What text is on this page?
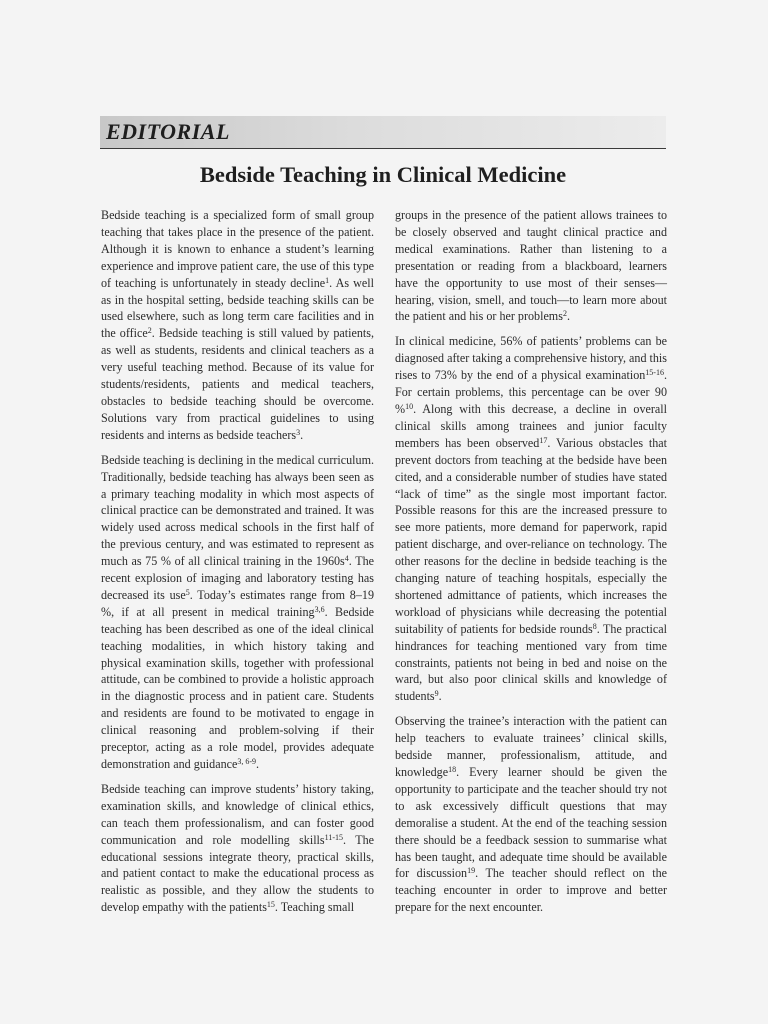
EDITORIAL
Bedside Teaching in Clinical Medicine

Bedside teaching is a specialized form of small group teaching that takes place in the presence of the patient. Although it is known to enhance a student’s learning experience and improve patient care, the use of this type of teaching is unfortunately in steady decline$^1$. As well as in the hospital setting, bedside teaching skills can be used elsewhere, such as long term care facilities and in the office$^2$. Bedside teaching is still valued by patients, as well as students, residents and clinical teachers as a very useful teaching method. Because of its value for students/residents, patients and medical teachers, obstacles to bedside teaching should be overcome. Solutions vary from practical guidelines to using residents and interns as bedside teachers$^3$.

Bedside teaching is declining in the medical curriculum. Traditionally, bedside teaching has always been seen as a primary teaching modality in which most aspects of clinical practice can be demonstrated and trained. It was widely used across medical schools in the first half of the previous century, and was estimated to represent as much as 75 % of all clinical training in the $1960s^4$. The recent explosion of imaging and laboratory testing has decreased its use$^5$. Today’s estimates range from 8–19 %, if at all present in medical training$^{3,6}$. Bedside teaching has been described as one of the ideal clinical teaching modalities, in which history taking and physical examination skills, together with professional attitude, can be combined to provide a holistic approach in the diagnostic process and in patient care. Students and residents are found to be motivated to engage in clinical reasoning and problem-solving if their preceptor, acting as a role model, provides adequate demonstration and guidance$^{3, 6-9}$.

Bedside teaching can improve students’ history taking, examination skills, and knowledge of clinical ethics, can teach them professionalism, and can foster good communication and role modelling skills$^{11-15}$. The educational sessions integrate theory, practical skills, and patient contact to make the educational process as realistic as possible, and they allow the students to develop empathy with the patients$^{15}$. Teaching small

groups in the presence of the patient allows trainees to be closely observed and taught clinical practice and medical examinations. Rather than listening to a presentation or reading from a blackboard, learners have the opportunity to use most of their senses—hearing, vision, smell, and touch—to learn more about the patient and his or her problems$^2$.

In clinical medicine, 56% of patients’ problems can be diagnosed after taking a comprehensive history, and this rises to 73% by the end of a physical examination$^{15-16}$. For certain problems, this percentage can be over 90 %$^{10}$. Along with this decrease, a decline in overall clinical skills among trainees and junior faculty members has been observed$^{17}$. Various obstacles that prevent doctors from teaching at the bedside have been cited, and a considerable number of studies have stated “lack of time” as the single most important factor. Possible reasons for this are the increased pressure to see more patients, more demand for paperwork, rapid patient discharge, and over-reliance on technology. The other reasons for the decline in bedside teaching is the changing nature of teaching hospitals, especially the shortened admittance of patients, which increases the workload of physicians while decreasing the potential suitability of patients for bedside rounds$^8$. The practical hindrances for teaching mentioned vary from time constraints, patients not being in bed and noise on the ward, but also poor clinical skills and knowledge of students$^9$.

Observing the trainee’s interaction with the patient can help teachers to evaluate trainees’ clinical skills, bedside manner, professionalism, attitude, and knowledge$^{18}$. Every learner should be given the opportunity to participate and the teacher should try not to ask excessively difficult questions that may demoralise a student. At the end of the teaching session there should be a feedback session to summarise what has been taught, and adequate time should be available for discussion$^{19}$. The teacher should reflect on the teaching encounter in order to improve and better prepare for the next encounter.
